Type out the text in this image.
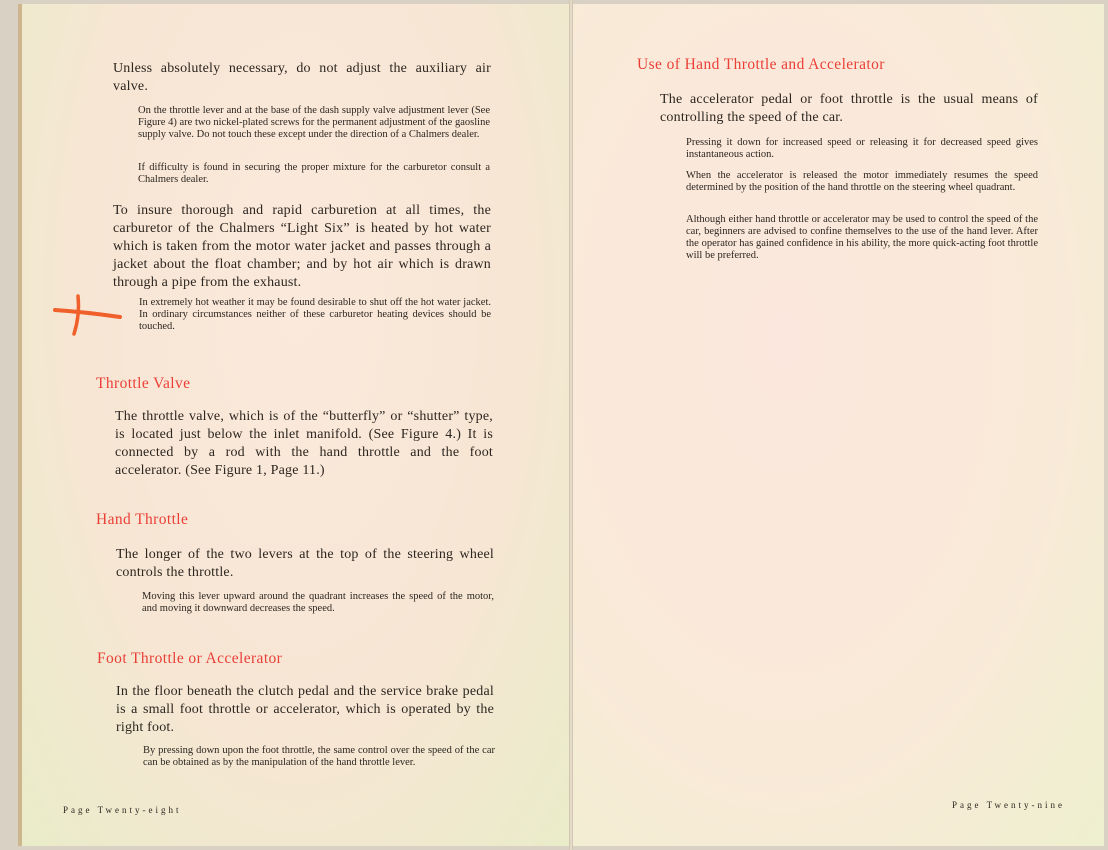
Unless absolutely necessary, do not adjust the auxiliary air valve.

On the throttle lever and at the base of the dash supply valve adjustment lever (See Figure 4) are two nickel-plated screws for the permanent adjustment of the gaosline supply valve. Do not touch these except under the direction of a Chalmers dealer.

If difficulty is found in securing the proper mixture for the carburetor consult a Chalmers dealer.

To insure thorough and rapid carburetion at all times, the carburetor of the Chalmers “Light Six” is heated by hot water which is taken from the motor water jacket and passes through a jacket about the float chamber; and by hot air which is drawn through a pipe from the exhaust.

In extremely hot weather it may be found desirable to shut off the hot water jacket. In ordinary circumstances neither of these carburetor heating devices should be touched.

Throttle Valve

The throttle valve, which is of the “butterfly” or “shutter” type, is located just below the inlet manifold. (See Figure 4.) It is connected by a rod with the hand throttle and the foot accelerator. (See Figure 1, Page 11.)

Hand Throttle

The longer of the two levers at the top of the steering wheel controls the throttle.

Moving this lever upward around the quadrant increases the speed of the motor, and moving it downward decreases the speed.

Foot Throttle or Accelerator

In the floor beneath the clutch pedal and the service brake pedal is a small foot throttle or accelerator, which is operated by the right foot.

By pressing down upon the foot throttle, the same control over the speed of the car can be obtained as by the manipulation of the hand throttle lever.

Page Twenty-eight

Use of Hand Throttle and Accelerator

The accelerator pedal or foot throttle is the usual means of controlling the speed of the car.

Pressing it down for increased speed or releasing it for decreased speed gives instantaneous action.

When the accelerator is released the motor immediately resumes the speed determined by the position of the hand throttle on the steering wheel quadrant.

Although either hand throttle or accelerator may be used to control the speed of the car, beginners are advised to confine themselves to the use of the hand lever. After the operator has gained confidence in his ability, the more quick-acting foot throttle will be preferred.

Page Twenty-nine
